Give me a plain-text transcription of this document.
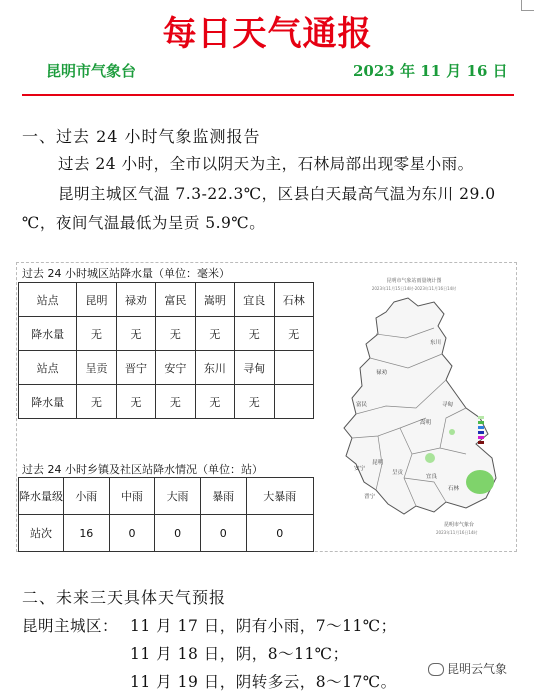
每日天气通报
昆明市气象台	2023 年 11 月 16 日
一、过去 24 小时气象监测报告
过去 24 小时，全市以阴天为主，石林局部出现零星小雨。
昆明主城区气温 7.3-22.3℃，区县白天最高气温为东川 29.0
℃，夜间气温最低为呈贡 5.9℃。
过去 24 小时城区站降水量（单位：毫米）
站点	昆明	禄劝	富民	嵩明	宜良	石林
降水量	无	无	无	无	无	无
站点	呈贡	晋宁	安宁	东川	寻甸	
降水量	无	无	无	无	无	
过去 24 小时乡镇及社区站降水情况（单位：站）
降水量级	小雨	中雨	大雨	暴雨	大暴雨
站次	16	0	0	0	0
昆明市气象站雨量统计图
2023年11月15日14时-2023年11月16日14时
东川
禄劝
寻甸
嵩明
富民
安宁
昆明
呈贡
晋宁
宜良
石林
昆明市气象台
2023年11月16日14时
二、未来三天具体天气预报
昆明主城区： 11 月 17 日，阴有小雨，7～11℃；
11 月 18 日，阴，8～11℃；
11 月 19 日，阴转多云，8～17℃。
昆明云气象
